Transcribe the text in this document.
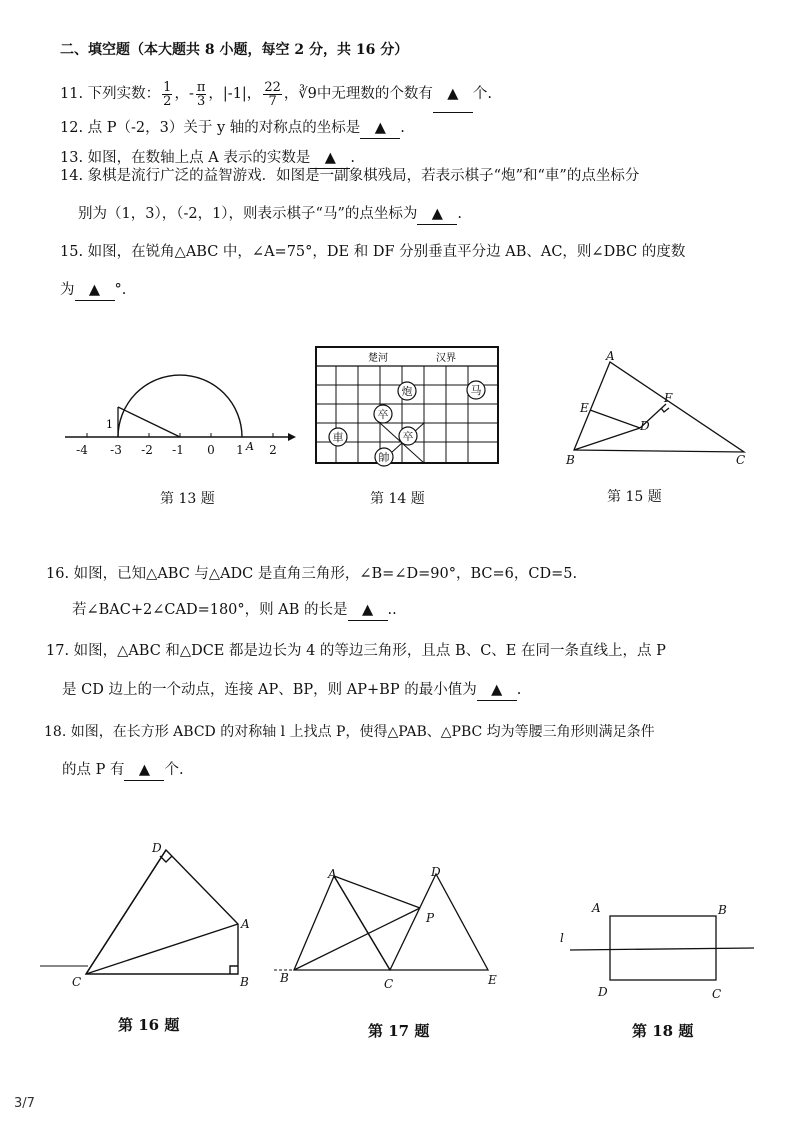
二、填空题（本大题共 8 小题，每空 2 分，共 16 分）
11. 下列实数： $\frac{1}{2}$ ，- $\frac{\pi}{3}$ ，|-1|， $\frac{22}{7}$ ，∛9中无理数的个数有 ▲ 个.
12. 点 P（-2，3）关于 y 轴的对称点的坐标是 ▲ .
13. 如图，在数轴上点 A 表示的实数是 ▲ .
14. 象棋是流行广泛的益智游戏．如图是一副象棋残局，若表示棋子“炮”和“車”的点坐标分
别为（1，3），（-2，1），则表示棋子“马”的点坐标为 ▲ .
15. 如图，在锐角△ABC 中，∠A=75°，DE 和 DF 分别垂直平分边 AB、AC，则∠DBC 的度数
为 ▲ °.
-4 -3 -2 -1 0 1 2
1
A
第 13 题
楚河	汉界
炮	马
卒
車	卒
帥
第 14 题
A
E
F
D
B	C
第 15 题
16. 如图，已知△ABC 与△ADC 是直角三角形，∠B=∠D=90°，BC=6，CD=5.
若∠BAC+2∠CAD=180°，则 AB 的长是 ▲ ..
17. 如图，△ABC 和△DCE 都是边长为 4 的等边三角形，且点 B、C、E 在同一条直线上，点 P
是 CD 边上的一个动点，连接 AP、BP，则 AP+BP 的最小值为 ▲ .
18. 如图，在长方形 ABCD 的对称轴 l 上找点 P，使得△PAB、△PBC 均为等腰三角形则满足条件
的点 P 有 ▲ 个.
D
A
C	B
第 16 题
A	D
P
B	C	E
第 17 题
A	B
D	C
l
第 18 题
3/7
